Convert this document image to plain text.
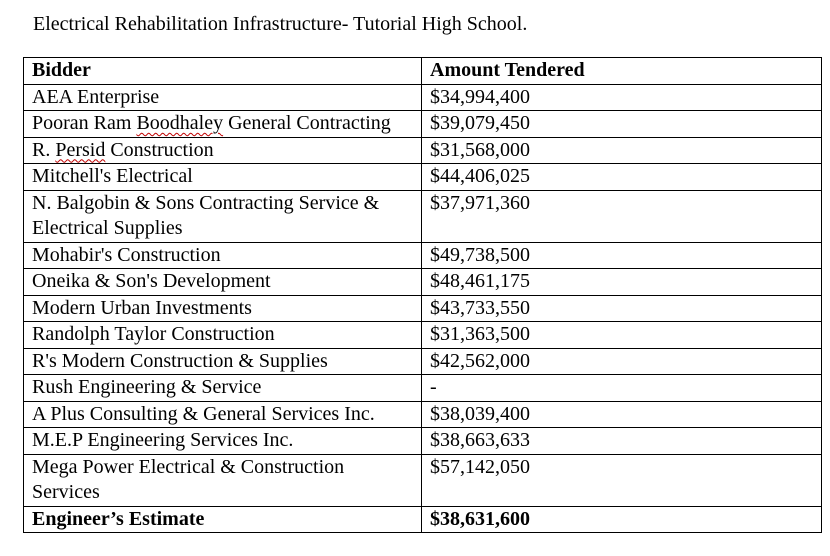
Electrical Rehabilitation Infrastructure- Tutorial High School.
Bidder	Amount Tendered
AEA Enterprise	$34,994,400
Pooran Ram Boodhaley General Contracting	$39,079,450
R. Persid Construction	$31,568,000
Mitchell's Electrical	$44,406,025
N. Balgobin & Sons Contracting Service & Electrical Supplies	$37,971,360
Mohabir's Construction	$49,738,500
Oneika & Son's Development	$48,461,175
Modern Urban Investments	$43,733,550
Randolph Taylor Construction	$31,363,500
R's Modern Construction & Supplies	$42,562,000
Rush Engineering & Service	-
A Plus Consulting & General Services Inc.	$38,039,400
M.E.P Engineering Services Inc.	$38,663,633
Mega Power Electrical & Construction Services	$57,142,050
Engineer’s Estimate	$38,631,600
